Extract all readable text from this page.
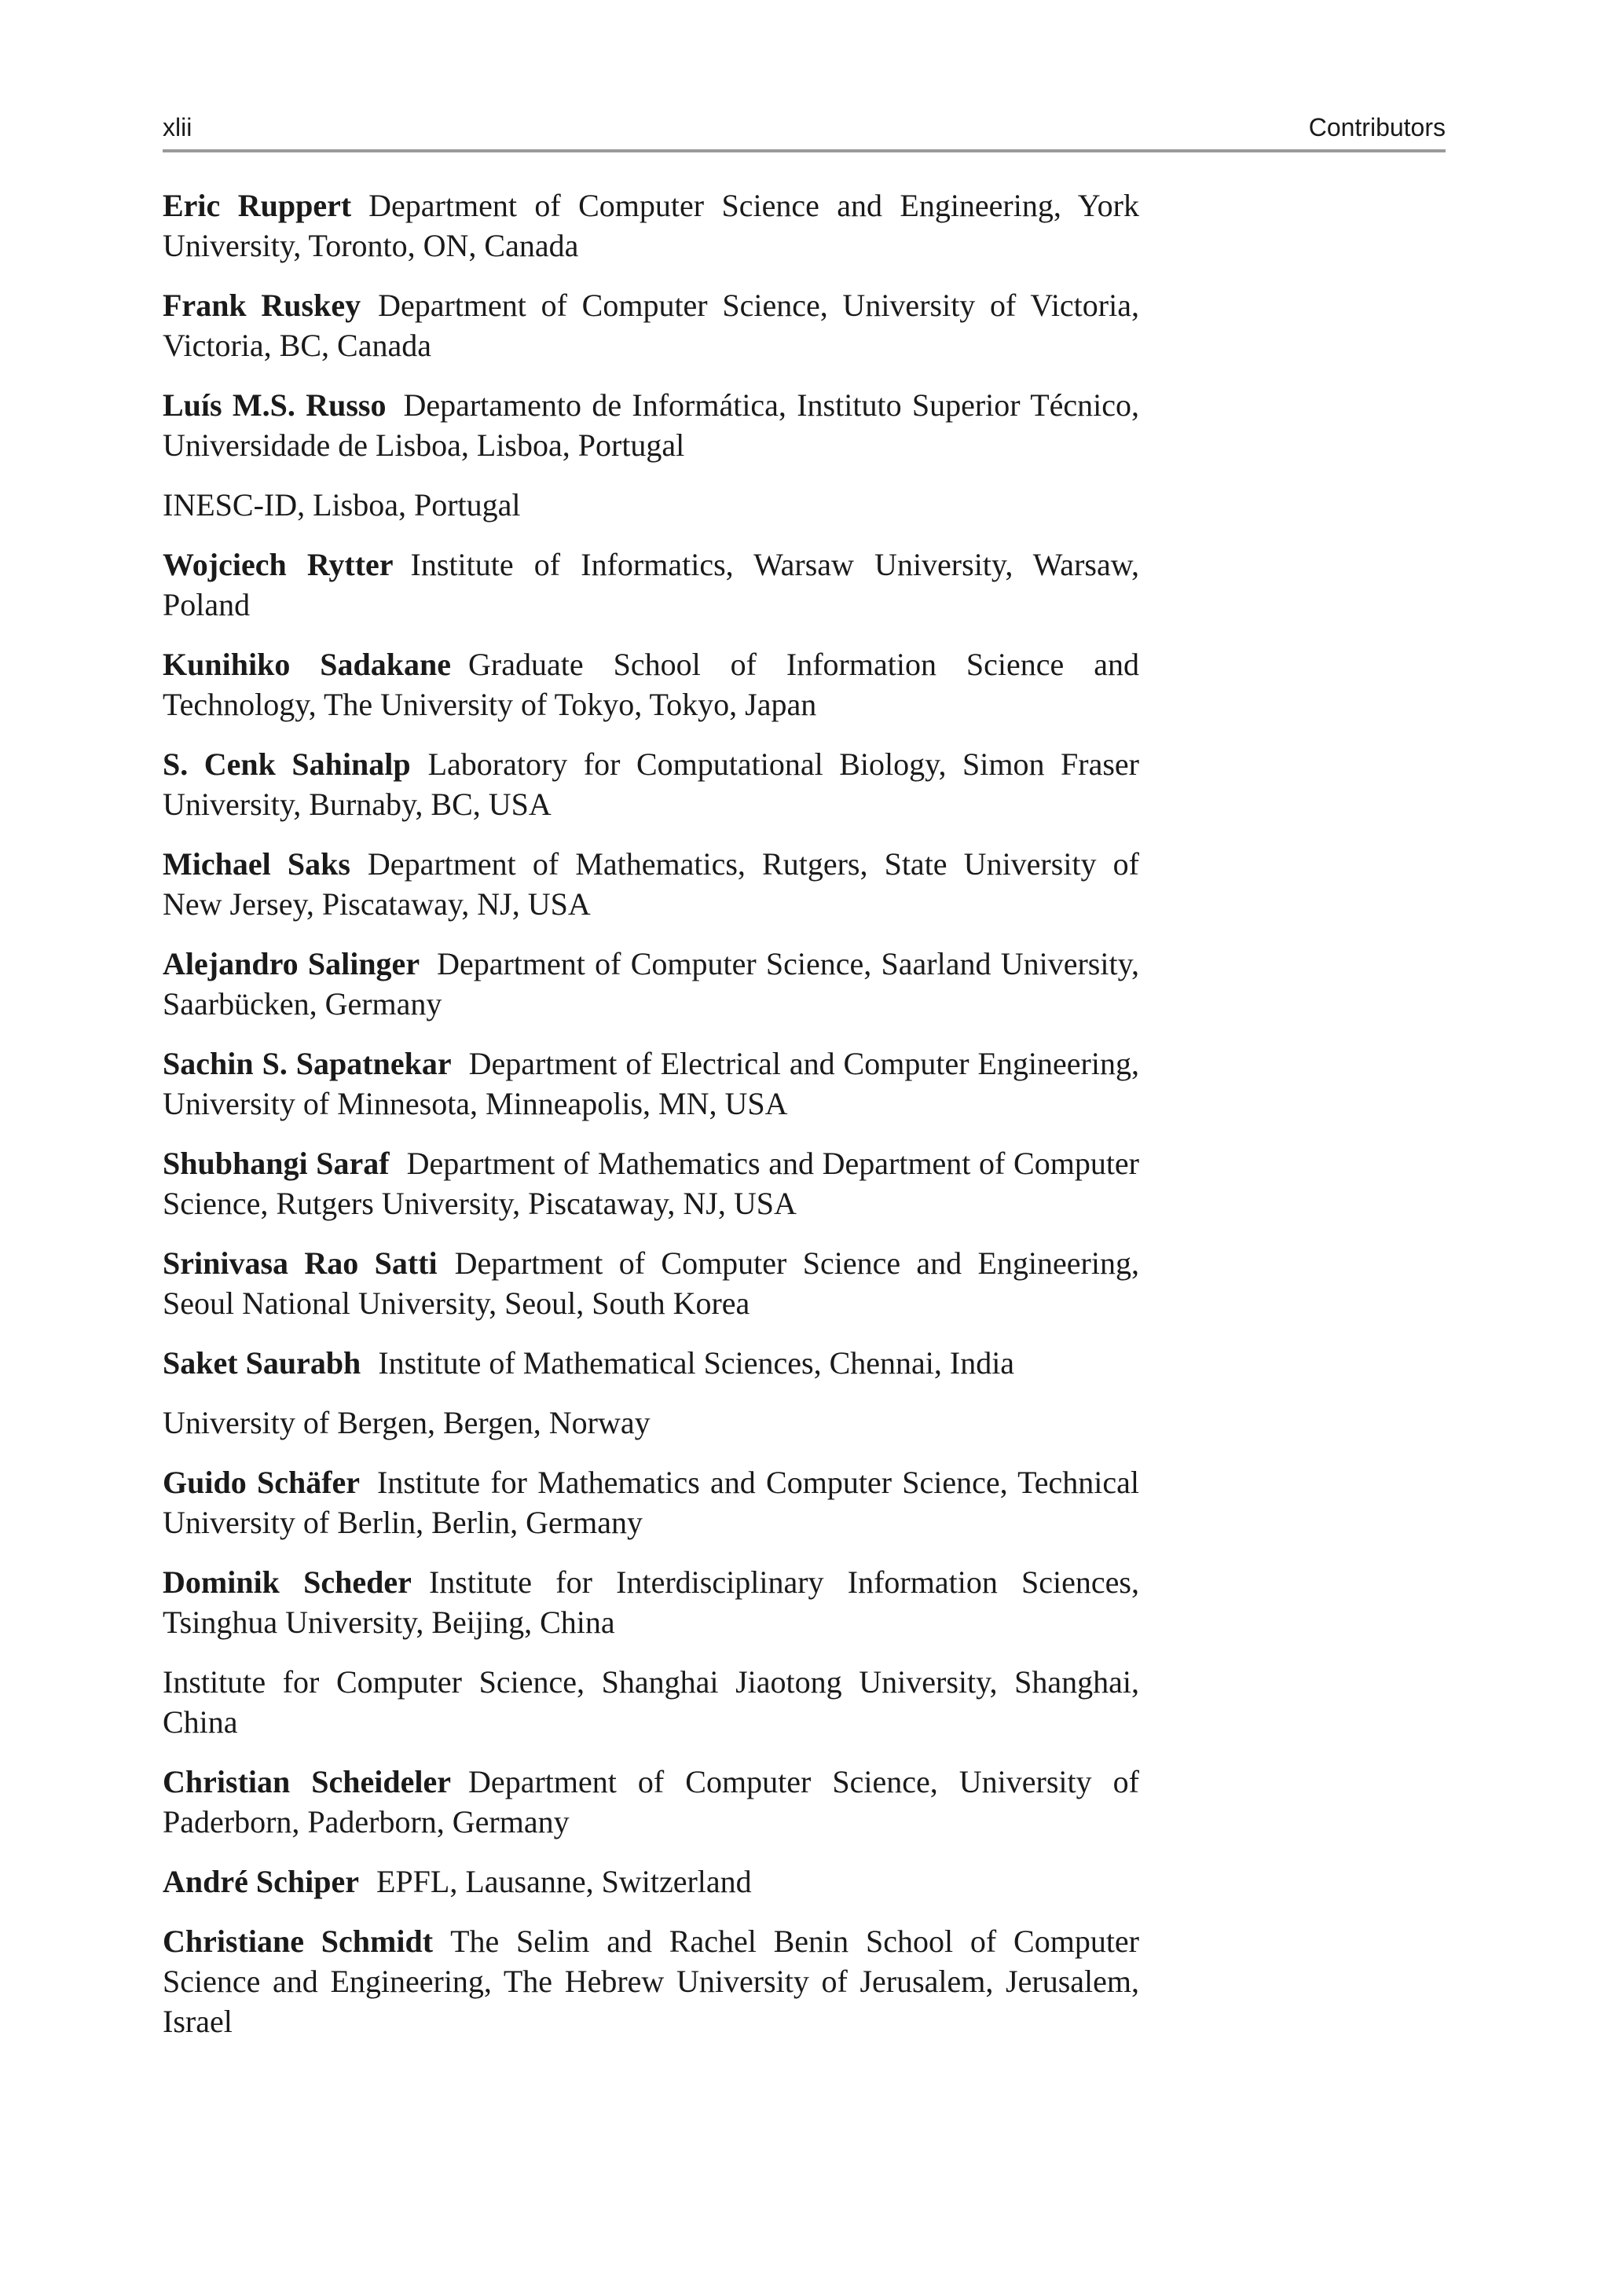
xlii	Contributors

Eric Ruppert Department of Computer Science and Engineering, York University, Toronto, ON, Canada

Frank Ruskey Department of Computer Science, University of Victoria, Victoria, BC, Canada

Luís M.S. Russo Departamento de Informática, Instituto Superior Técnico, Universidade de Lisboa, Lisboa, Portugal

INESC-ID, Lisboa, Portugal

Wojciech Rytter Institute of Informatics, Warsaw University, Warsaw, Poland

Kunihiko Sadakane Graduate School of Information Science and Technology, The University of Tokyo, Tokyo, Japan

S. Cenk Sahinalp Laboratory for Computational Biology, Simon Fraser University, Burnaby, BC, USA

Michael Saks Department of Mathematics, Rutgers, State University of New Jersey, Piscataway, NJ, USA

Alejandro Salinger Department of Computer Science, Saarland University, Saarbücken, Germany

Sachin S. Sapatnekar Department of Electrical and Computer Engineering, University of Minnesota, Minneapolis, MN, USA

Shubhangi Saraf Department of Mathematics and Department of Computer Science, Rutgers University, Piscataway, NJ, USA

Srinivasa Rao Satti Department of Computer Science and Engineering, Seoul National University, Seoul, South Korea

Saket Saurabh Institute of Mathematical Sciences, Chennai, India

University of Bergen, Bergen, Norway

Guido Schäfer Institute for Mathematics and Computer Science, Technical University of Berlin, Berlin, Germany

Dominik Scheder Institute for Interdisciplinary Information Sciences, Tsinghua University, Beijing, China

Institute for Computer Science, Shanghai Jiaotong University, Shanghai, China

Christian Scheideler Department of Computer Science, University of Paderborn, Paderborn, Germany

André Schiper EPFL, Lausanne, Switzerland

Christiane Schmidt The Selim and Rachel Benin School of Computer Science and Engineering, The Hebrew University of Jerusalem, Jerusalem, Israel
